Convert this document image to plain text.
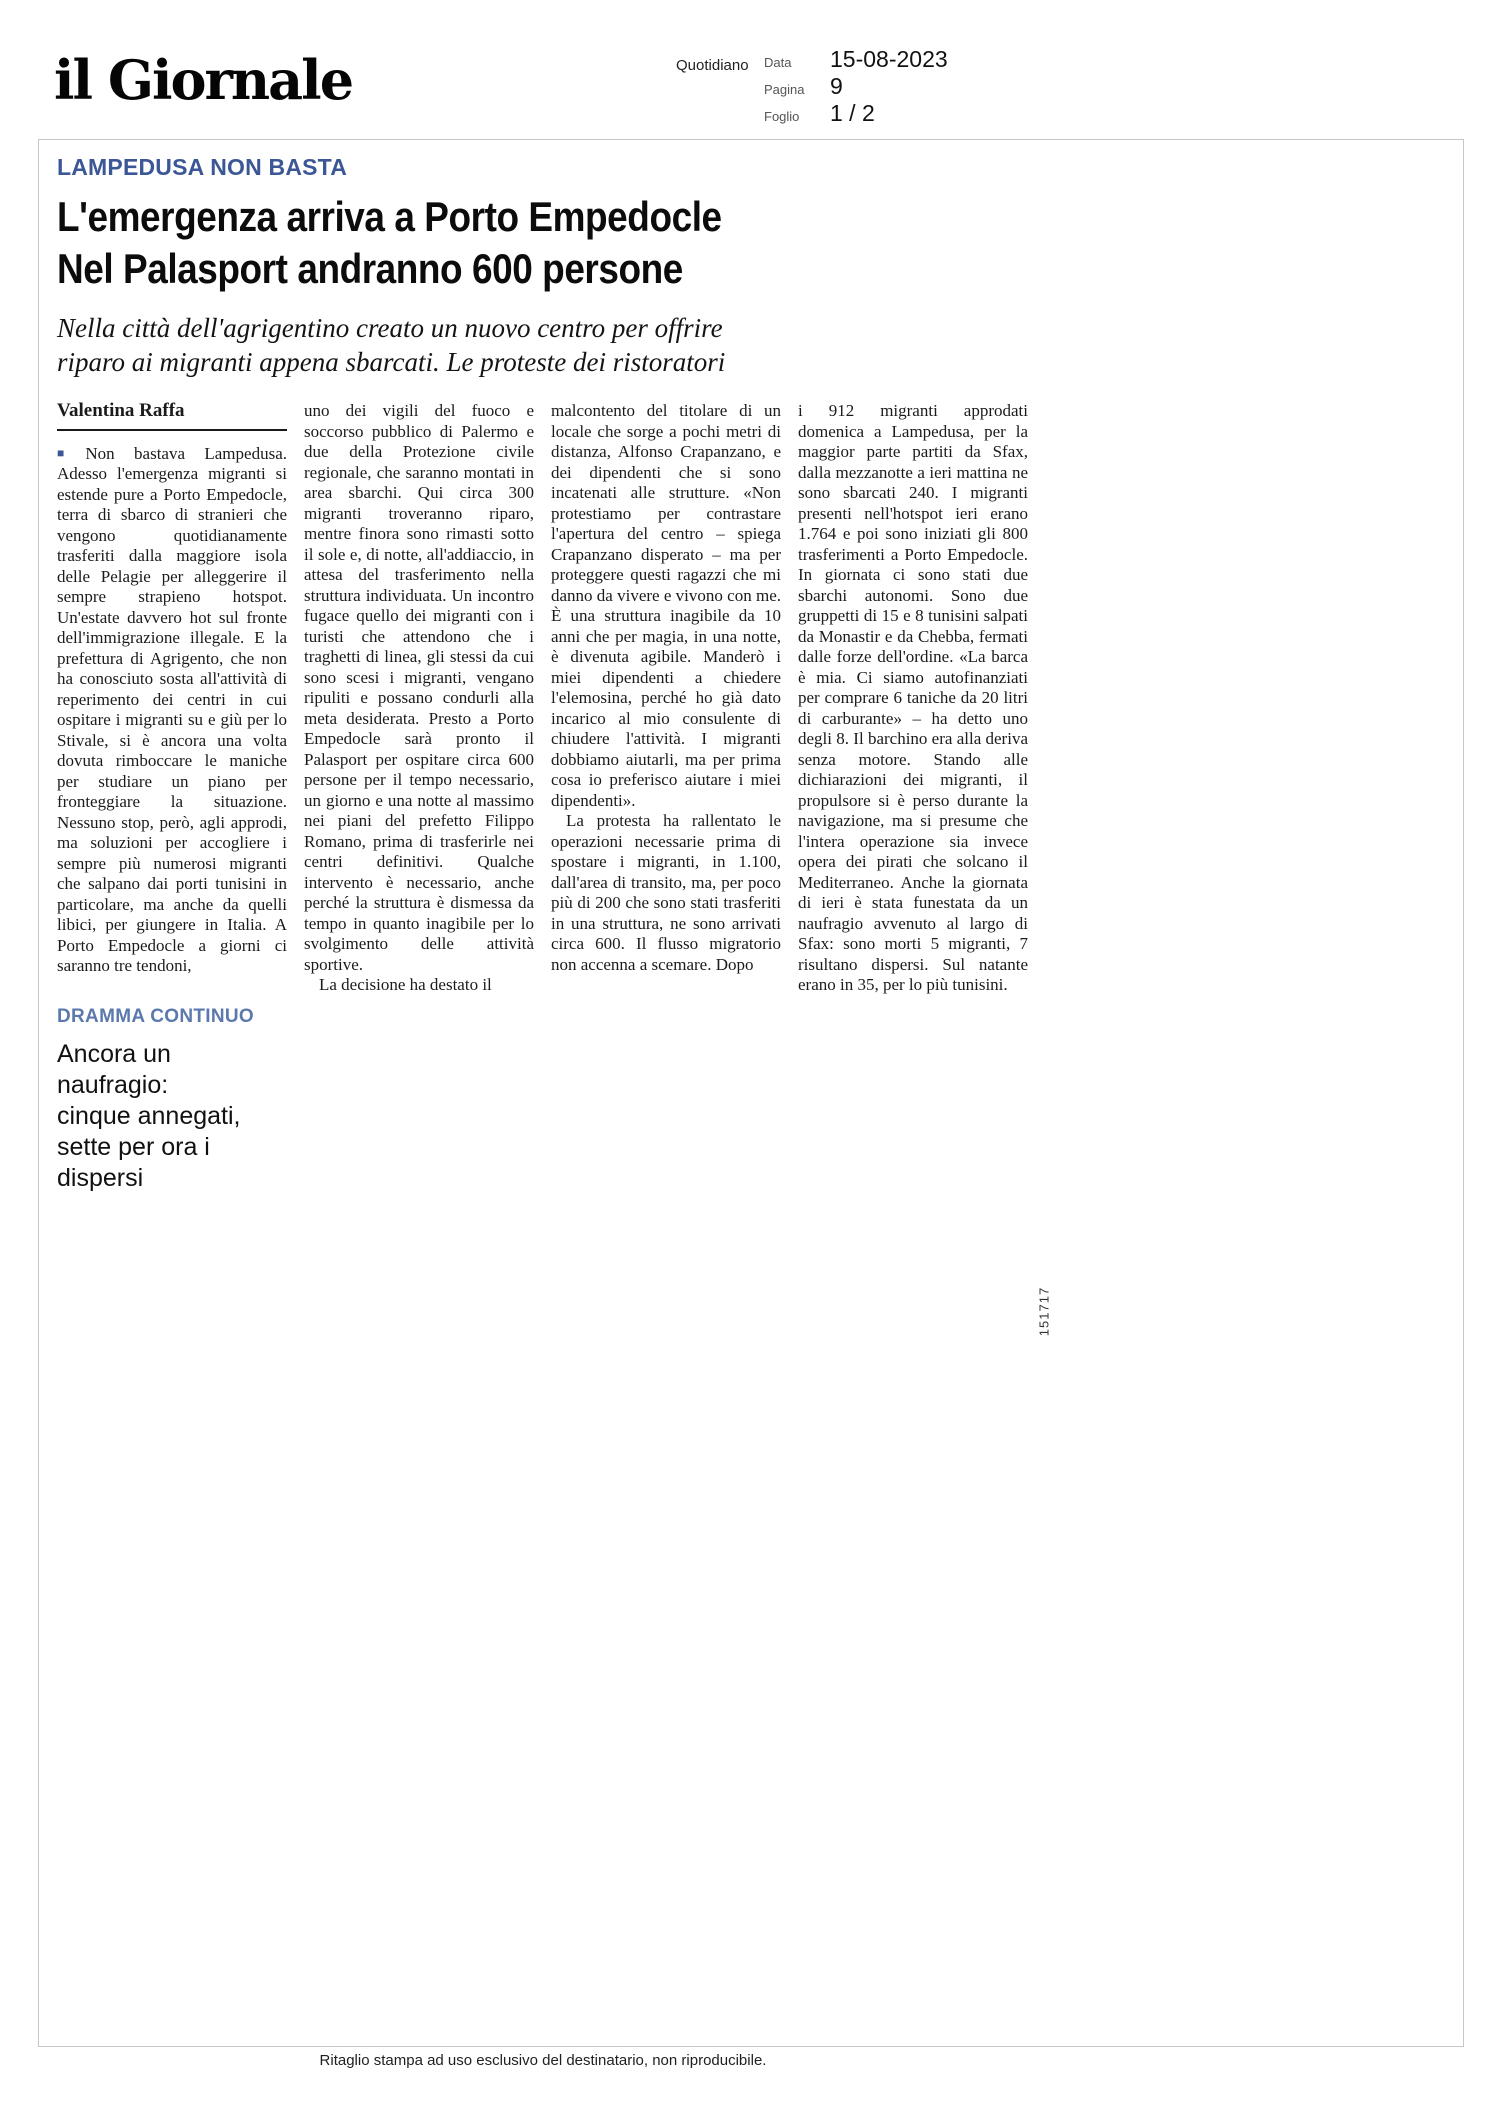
il Giornale	Quotidiano Data	15-08-2023
Pagina	9
Foglio	1 / 2
LAMPEDUSA NON BASTA
L'emergenza arriva a Porto Empedocle
Nel Palasport andranno 600 persone
Nella città dell'agrigentino creato un nuovo centro per offrire
riparo ai migranti appena sbarcati. Le proteste dei ristoratori
Valentina Raffa

■ Non bastava Lampedusa. Adesso l'emergenza migranti si estende pure a Porto Empedocle, terra di sbarco di stranieri che vengono quotidianamente trasferiti dalla maggiore isola delle Pelagie per alleggerire il sempre strapieno hotspot. Un'estate davvero hot sul fronte dell'immigrazione illegale. E la prefettura di Agrigento, che non ha conosciuto sosta all'attività di reperimento dei centri in cui ospitare i migranti su e giù per lo Stivale, si è ancora una volta dovuta rimboccare le maniche per studiare un piano per fronteggiare la situazione. Nessuno stop, però, agli approdi, ma soluzioni per accogliere i sempre più numerosi migranti che salpano dai porti tunisini in particolare, ma anche da quelli libici, per giungere in Italia. A Porto Empedocle a giorni ci saranno tre tendoni,

DRAMMA CONTINUO
Ancora un naufragio:
cinque annegati,
sette per ora i dispersi

uno dei vigili del fuoco e soccorso pubblico di Palermo e due della Protezione civile regionale, che saranno montati in area sbarchi. Qui circa 300 migranti troveranno riparo, mentre finora sono rimasti sotto il sole e, di notte, all'addiaccio, in attesa del trasferimento nella struttura individuata. Un incontro fugace quello dei migranti con i turisti che attendono che i traghetti di linea, gli stessi da cui sono scesi i migranti, vengano ripuliti e possano condurli alla meta desiderata. Presto a Porto Empedocle sarà pronto il Palasport per ospitare circa 600 persone per il tempo necessario, un giorno e una notte al massimo nei piani del prefetto Filippo Romano, prima di trasferirle nei centri definitivi. Qualche intervento è necessario, anche perché la struttura è dismessa da tempo in quanto inagibile per lo svolgimento delle attività sportive.

La decisione ha destato il

malcontento del titolare di un locale che sorge a pochi metri di distanza, Alfonso Crapanzano, e dei dipendenti che si sono incatenati alle strutture. «Non protestiamo per contrastare l'apertura del centro – spiega Crapanzano disperato – ma per proteggere questi ragazzi che mi danno da vivere e vivono con me. È una struttura inagibile da 10 anni che per magia, in una notte, è divenuta agibile. Manderò i miei dipendenti a chiedere l'elemosina, perché ho già dato incarico al mio consulente di chiudere l'attività. I migranti dobbiamo aiutarli, ma per prima cosa io preferisco aiutare i miei dipendenti».

La protesta ha rallentato le operazioni necessarie prima di spostare i migranti, in 1.100, dall'area di transito, ma, per poco più di 200 che sono stati trasferiti in una struttura, ne sono arrivati circa 600. Il flusso migratorio non accenna a scemare. Dopo

i 912 migranti approdati domenica a Lampedusa, per la maggior parte partiti da Sfax, dalla mezzanotte a ieri mattina ne sono sbarcati 240. I migranti presenti nell'hotspot ieri erano 1.764 e poi sono iniziati gli 800 trasferimenti a Porto Empedocle. In giornata ci sono stati due sbarchi autonomi. Sono due gruppetti di 15 e 8 tunisini salpati da Monastir e da Chebba, fermati dalle forze dell'ordine. «La barca è mia. Ci siamo autofinanziati per comprare 6 taniche da 20 litri di carburante» – ha detto uno degli 8. Il barchino era alla deriva senza motore. Stando alle dichiarazioni dei migranti, il propulsore si è perso durante la navigazione, ma si presume che l'intera operazione sia invece opera dei pirati che solcano il Mediterraneo. Anche la giornata di ieri è stata funestata da un naufragio avvenuto al largo di Sfax: sono morti 5 migranti, 7 risultano dispersi. Sul natante erano in 35, per lo più tunisini.

151717
Ritaglio stampa ad uso esclusivo del destinatario, non riproducibile.
